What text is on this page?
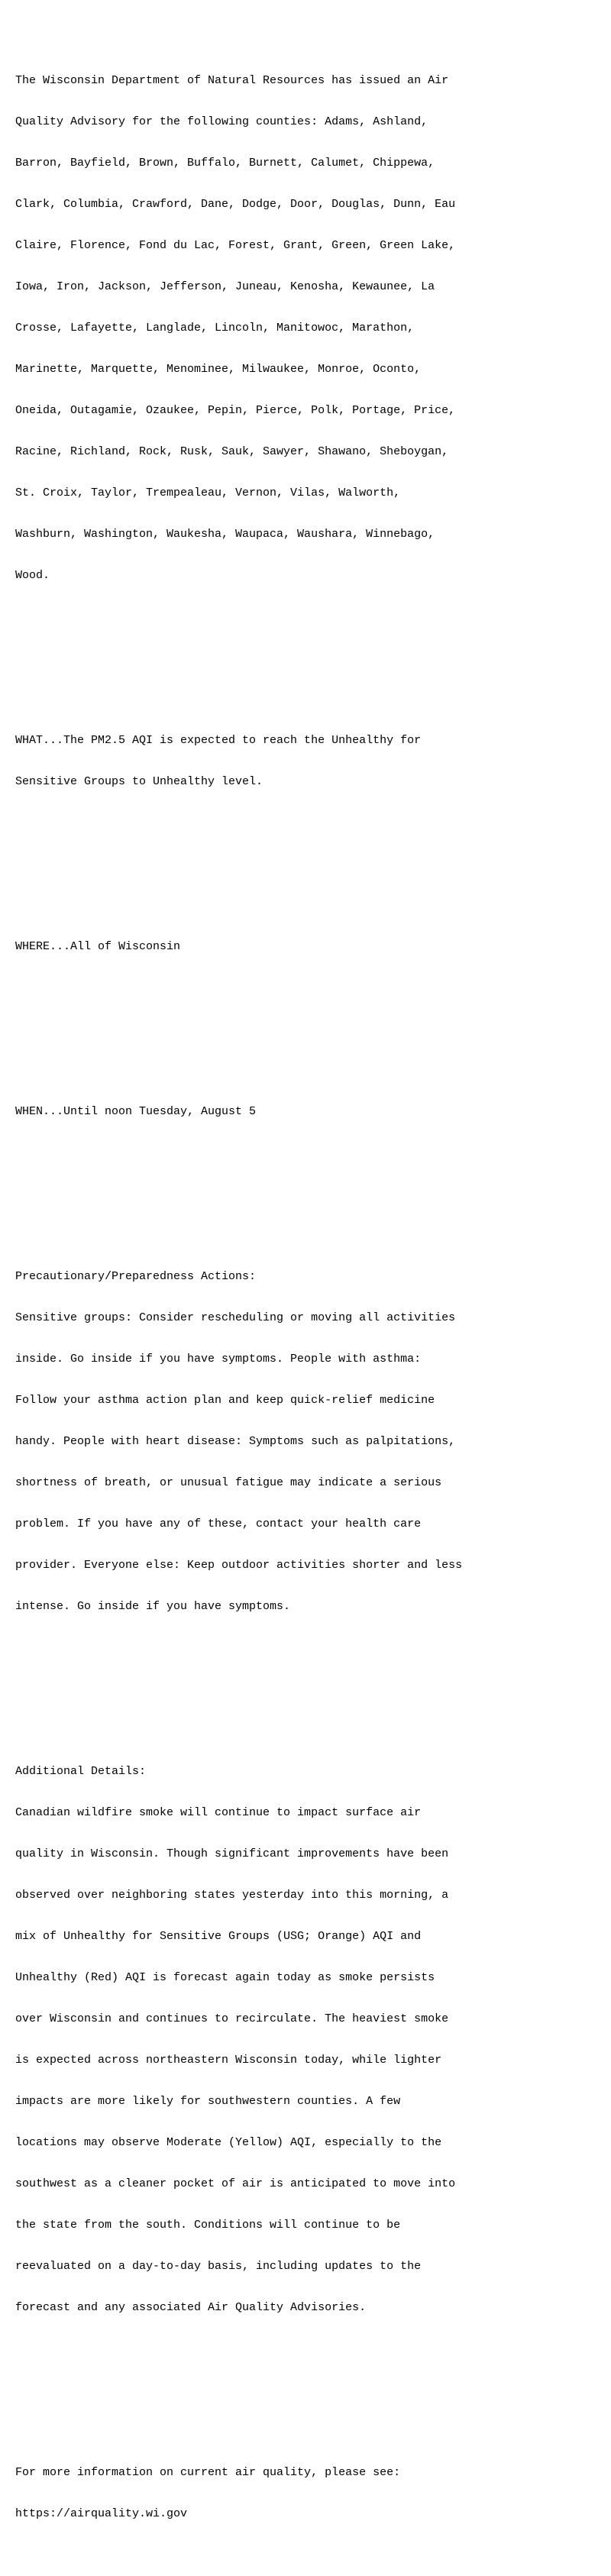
The Wisconsin Department of Natural Resources has issued an Air

Quality Advisory for the following counties: Adams, Ashland,

Barron, Bayfield, Brown, Buffalo, Burnett, Calumet, Chippewa,

Clark, Columbia, Crawford, Dane, Dodge, Door, Douglas, Dunn, Eau

Claire, Florence, Fond du Lac, Forest, Grant, Green, Green Lake,

Iowa, Iron, Jackson, Jefferson, Juneau, Kenosha, Kewaunee, La

Crosse, Lafayette, Langlade, Lincoln, Manitowoc, Marathon,

Marinette, Marquette, Menominee, Milwaukee, Monroe, Oconto,

Oneida, Outagamie, Ozaukee, Pepin, Pierce, Polk, Portage, Price,

Racine, Richland, Rock, Rusk, Sauk, Sawyer, Shawano, Sheboygan,

St. Croix, Taylor, Trempealeau, Vernon, Vilas, Walworth,

Washburn, Washington, Waukesha, Waupaca, Waushara, Winnebago,

Wood.

WHAT...The PM2.5 AQI is expected to reach the Unhealthy for

Sensitive Groups to Unhealthy level.

WHERE...All of Wisconsin

WHEN...Until noon Tuesday, August 5

Precautionary/Preparedness Actions:

Sensitive groups: Consider rescheduling or moving all activities

inside. Go inside if you have symptoms. People with asthma:

Follow your asthma action plan and keep quick-relief medicine

handy. People with heart disease: Symptoms such as palpitations,

shortness of breath, or unusual fatigue may indicate a serious

problem. If you have any of these, contact your health care

provider. Everyone else: Keep outdoor activities shorter and less

intense. Go inside if you have symptoms.

Additional Details:

Canadian wildfire smoke will continue to impact surface air

quality in Wisconsin. Though significant improvements have been

observed over neighboring states yesterday into this morning, a

mix of Unhealthy for Sensitive Groups (USG; Orange) AQI and

Unhealthy (Red) AQI is forecast again today as smoke persists

over Wisconsin and continues to recirculate. The heaviest smoke

is expected across northeastern Wisconsin today, while lighter

impacts are more likely for southwestern counties. A few

locations may observe Moderate (Yellow) AQI, especially to the

southwest as a cleaner pocket of air is anticipated to move into

the state from the south. Conditions will continue to be

reevaluated on a day-to-day basis, including updates to the

forecast and any associated Air Quality Advisories.

For more information on current air quality, please see:

https://airquality.wi.gov
